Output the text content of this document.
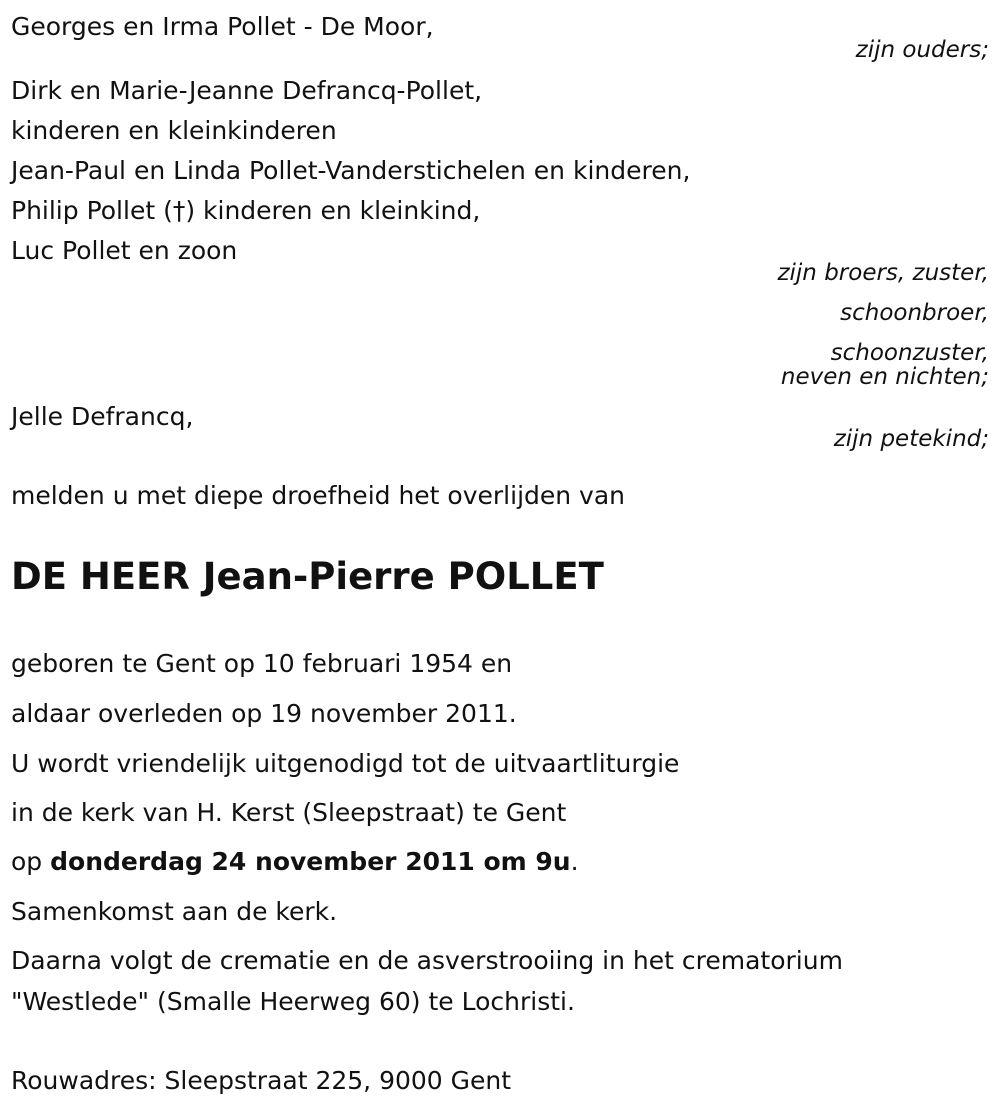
Georges en Irma Pollet - De Moor,
zijn ouders;
Dirk en Marie-Jeanne Defrancq-Pollet,
kinderen en kleinkinderen
Jean-Paul en Linda Pollet-Vanderstichelen en kinderen,
Philip Pollet (†) kinderen en kleinkind,
Luc Pollet en zoon
zijn broers, zuster,
schoonbroer,
schoonzuster,
neven en nichten;
Jelle Defrancq,
zijn petekind;
melden u met diepe droefheid het overlijden van
DE HEER Jean-Pierre POLLET
geboren te Gent op 10 februari 1954 en
aldaar overleden op 19 november 2011.
U wordt vriendelijk uitgenodigd tot de uitvaartliturgie
in de kerk van H. Kerst (Sleepstraat) te Gent
op donderdag 24 november 2011 om 9u.
Samenkomst aan de kerk.
Daarna volgt de crematie en de asverstrooiing in het crematorium
"Westlede" (Smalle Heerweg 60) te Lochristi.
Rouwadres: Sleepstraat 225, 9000 Gent
